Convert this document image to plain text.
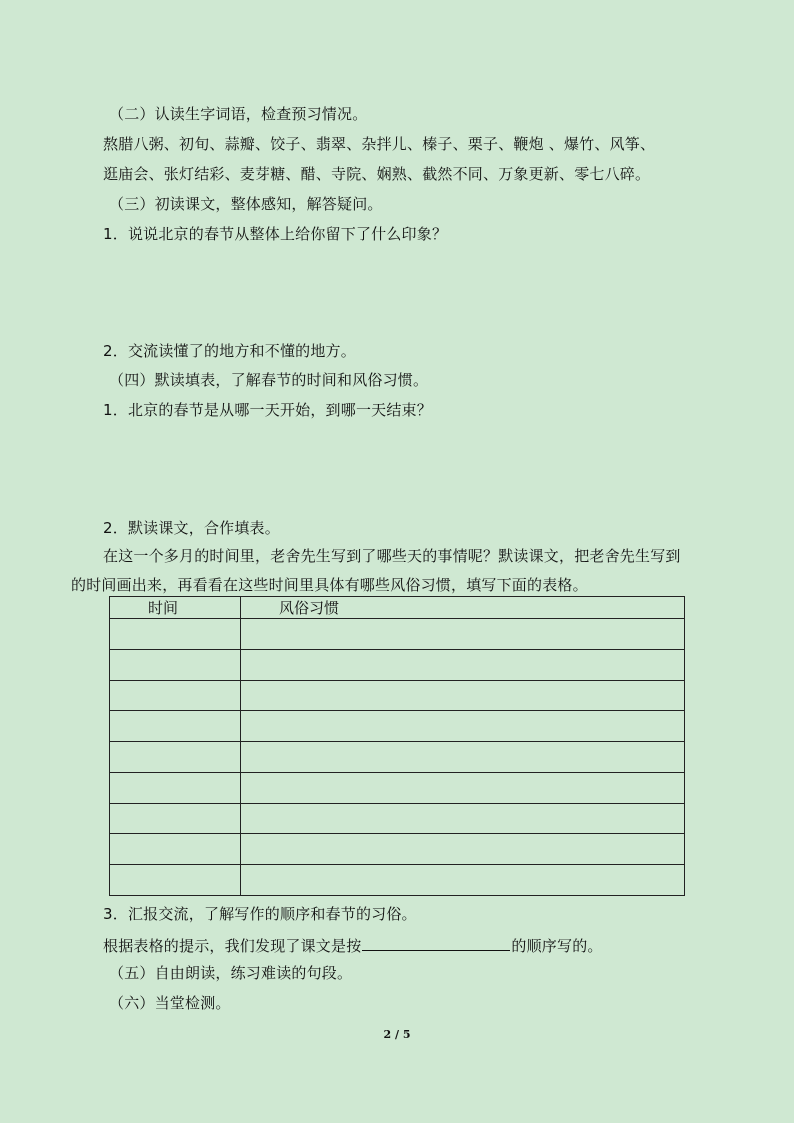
（二）认读生字词语，检查预习情况。
熬腊八粥、初旬、蒜瓣、饺子、翡翠、杂拌儿、榛子、栗子、鞭炮 、爆竹、风筝、
逛庙会、张灯结彩、麦芽糖、醋、寺院、娴熟、截然不同、万象更新、零七八碎。
（三）初读课文，整体感知，解答疑问。
1．说说北京的春节从整体上给你留下了什么印象？
2．交流读懂了的地方和不懂的地方。
（四）默读填表，了解春节的时间和风俗习惯。
1．北京的春节是从哪一天开始，到哪一天结束？
2．默读课文，合作填表。
在这一个多月的时间里，老舍先生写到了哪些天的事情呢？默读课文，把老舍先生写到
的时间画出来，再看看在这些时间里具体有哪些风俗习惯，填写下面的表格。
时间	风俗习惯

3．汇报交流，了解写作的顺序和春节的习俗。
根据表格的提示，我们发现了课文是按	的顺序写的。
（五）自由朗读，练习难读的句段。
（六）当堂检测。
2 / 5
